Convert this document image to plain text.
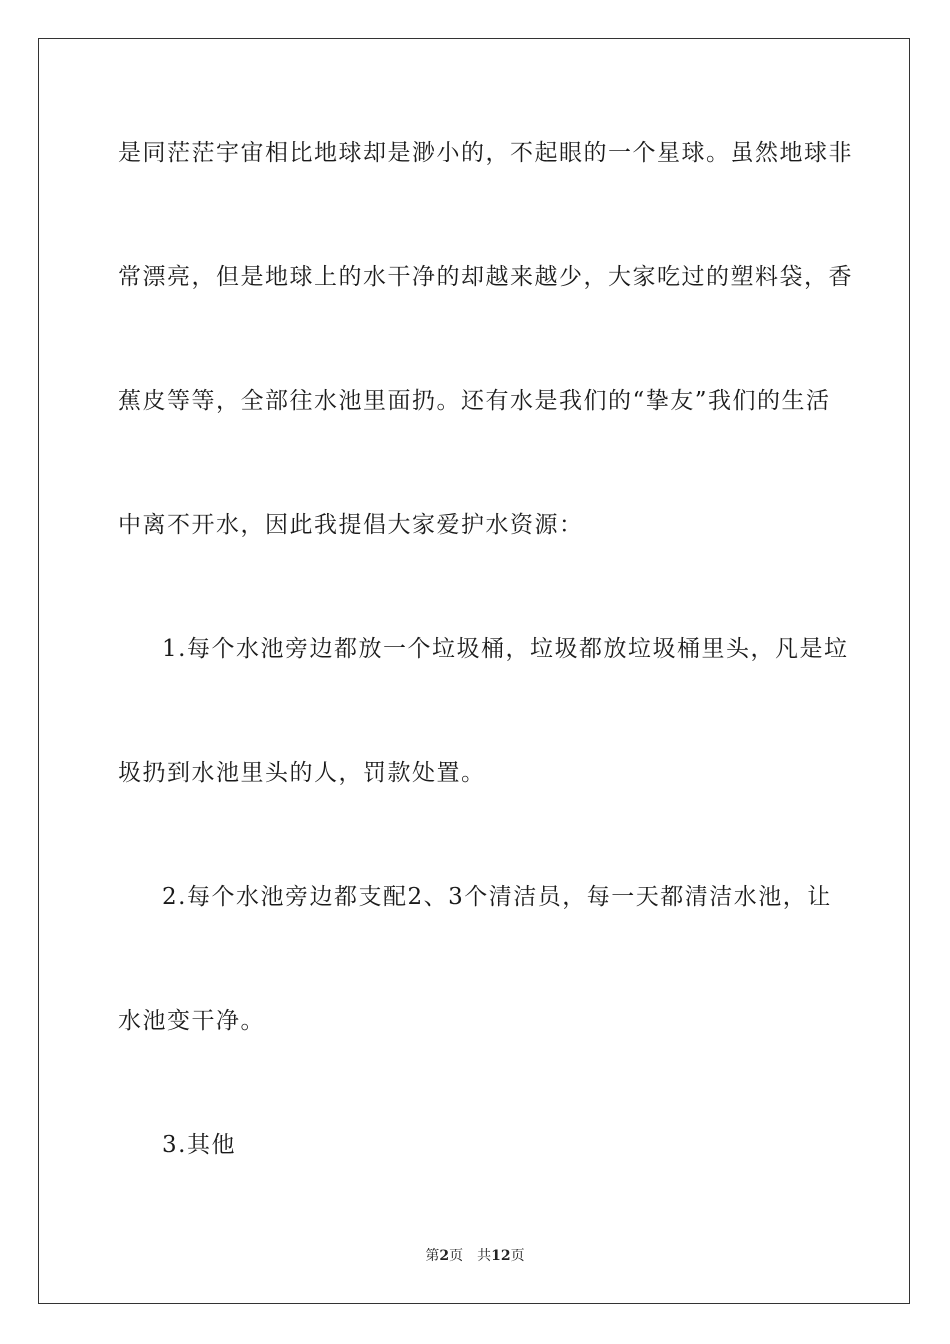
是同茫茫宇宙相比地球却是渺小的，不起眼的一个星球。虽然地球非
常漂亮，但是地球上的水干净的却越来越少，大家吃过的塑料袋，香
蕉皮等等，全部往水池里面扔。还有水是我们的“挚友”我们的生活
中离不开水，因此我提倡大家爱护水资源：
1.每个水池旁边都放一个垃圾桶，垃圾都放垃圾桶里头，凡是垃
圾扔到水池里头的人，罚款处置。
2.每个水池旁边都支配2、3个清洁员，每一天都清洁水池，让
水池变干净。
3.其他
第2页 共12页
